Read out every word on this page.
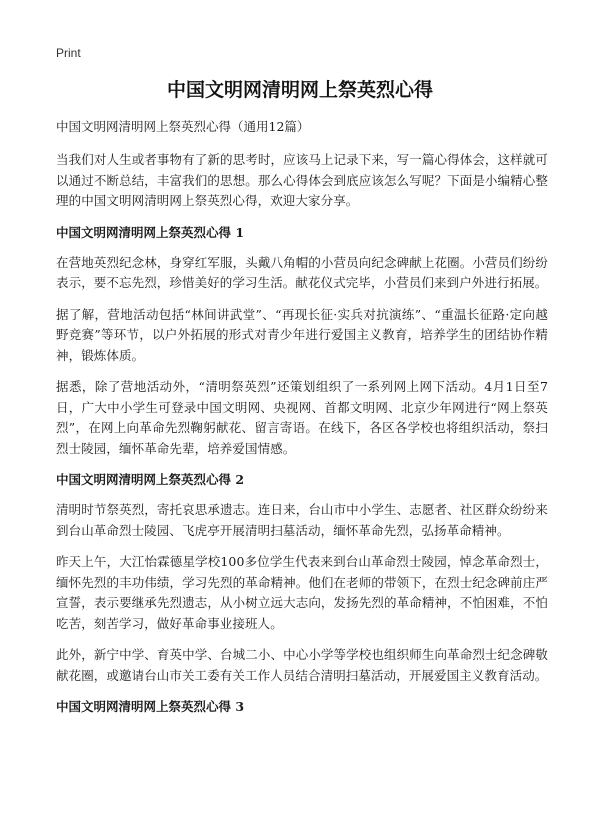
Print
中国文明网清明网上祭英烈心得

中国文明网清明网上祭英烈心得（通用12篇）

当我们对人生或者事物有了新的思考时，应该马上记录下来，写一篇心得体会，这样就可以通过不断总结，丰富我们的思想。那么心得体会到底应该怎么写呢？下面是小编精心整理的中国文明网清明网上祭英烈心得，欢迎大家分享。

中国文明网清明网上祭英烈心得 1

在营地英烈纪念林，身穿红军服，头戴八角帽的小营员向纪念碑献上花圈。小营员们纷纷表示，要不忘先烈，珍惜美好的学习生活。献花仪式完毕，小营员们来到户外进行拓展。

据了解，营地活动包括“林间讲武堂”、“再现长征·实兵对抗演练”、“重温长征路·定向越野竞赛”等环节，以户外拓展的形式对青少年进行爱国主义教育，培养学生的团结协作精神，锻炼体质。

据悉，除了营地活动外，“清明祭英烈”还策划组织了一系列网上网下活动。4月1日至7日，广大中小学生可登录中国文明网、央视网、首都文明网、北京少年网进行“网上祭英烈”，在网上向革命先烈鞠躬献花、留言寄语。在线下，各区各学校也将组织活动，祭扫烈士陵园，缅怀革命先辈，培养爱国情感。

中国文明网清明网上祭英烈心得 2

清明时节祭英烈，寄托哀思承遗志。连日来，台山市中小学生、志愿者、社区群众纷纷来到台山革命烈士陵园、飞虎亭开展清明扫墓活动，缅怀革命先烈，弘扬革命精神。

昨天上午，大江怡霖德星学校100多位学生代表来到台山革命烈士陵园，悼念革命烈士，缅怀先烈的丰功伟绩，学习先烈的革命精神。他们在老师的带领下，在烈士纪念碑前庄严宣誓，表示要继承先烈遗志，从小树立远大志向，发扬先烈的革命精神，不怕困难，不怕吃苦，刻苦学习，做好革命事业接班人。

此外，新宁中学、育英中学、台城二小、中心小学等学校也组织师生向革命烈士纪念碑敬献花圈，或邀请台山市关工委有关工作人员结合清明扫墓活动，开展爱国主义教育活动。

中国文明网清明网上祭英烈心得 3
